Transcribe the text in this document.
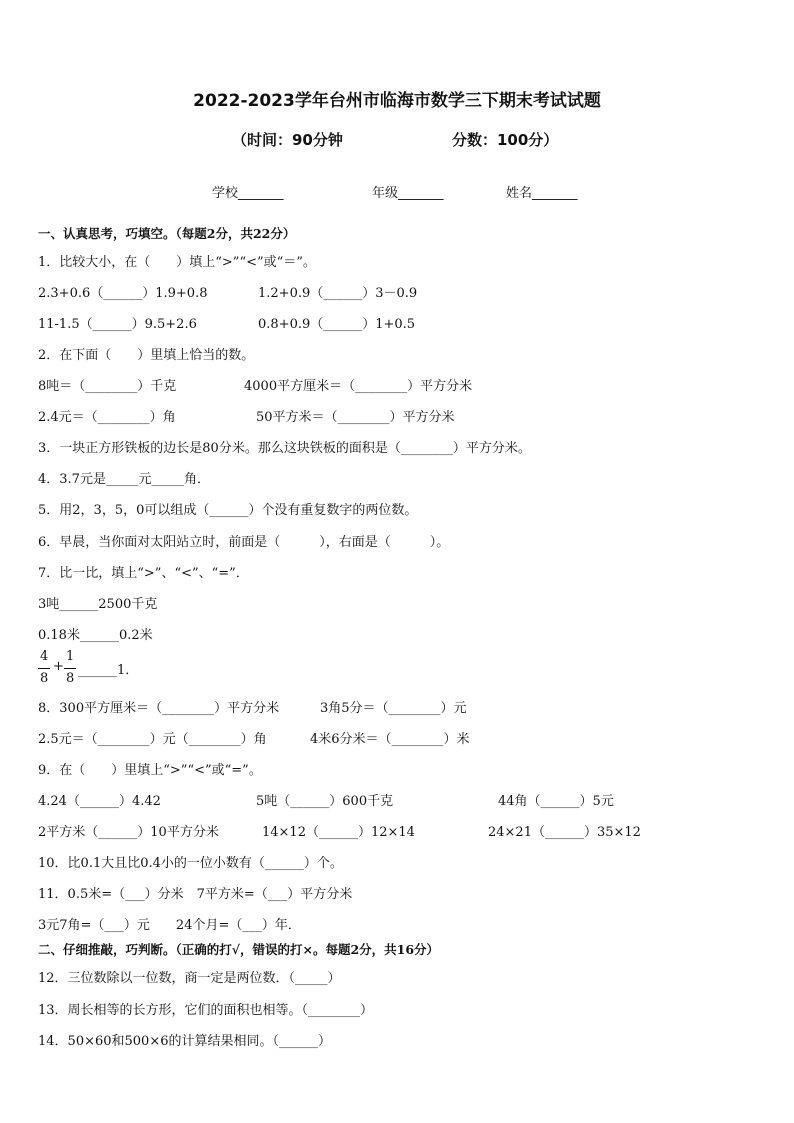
2022-2023学年台州市临海市数学三下期末考试试题
（时间：90分钟	分数：100分）
学校_______	年级_______	姓名_______
一、认真思考，巧填空。（每题2分，共22分）
1．比较大小，在（　　）填上“>”“<”或“＝”。
2.3+0.6（______）1.9+0.8	1.2+0.9（______）3－0.9
11-1.5（______）9.5+2.6	0.8+0.9（______）1+0.5
2．在下面（　　）里填上恰当的数。
8吨＝（________）千克	4000平方厘米＝（________）平方分米
2.4元＝（________）角	50平方米＝（________）平方分米
3．一块正方形铁板的边长是80分米。那么这块铁板的面积是（________）平方分米。
4．3.7元是_____元_____角．
5．用2，3，5，0可以组成（______）个没有重复数字的两位数。
6．早晨，当你面对太阳站立时，前面是（　　　），右面是（　　　）。
7．比一比，填上“>”、“<”、“=”．
3吨______2500千克
0.18米______0.2米
4
8
+
1
8
______1．
8．300平方厘米＝（________）平方分米	3角5分＝（________）元
2.5元＝（________）元（________）角	4米6分米＝（________）米
9．在（　　）里填上“>”“<”或“=”。
4.24（______）4.42	5吨（______）600千克	44角（______）5元
2平方米（______）10平方分米	14×12（______）12×14	24×21（______）35×12
10．比0.1大且比0.4小的一位小数有（______）个。
11．0.5米=（___）分米　7平方米=（___）平方分米
3元7角=（___）元　　24个月=（___）年．
二、仔细推敲，巧判断。（正确的打√，错误的打×。每题2分，共16分）
12．三位数除以一位数，商一定是两位数．（_____）
13．周长相等的长方形，它们的面积也相等。（________）
14．50×60和500×6的计算结果相同。（______）
